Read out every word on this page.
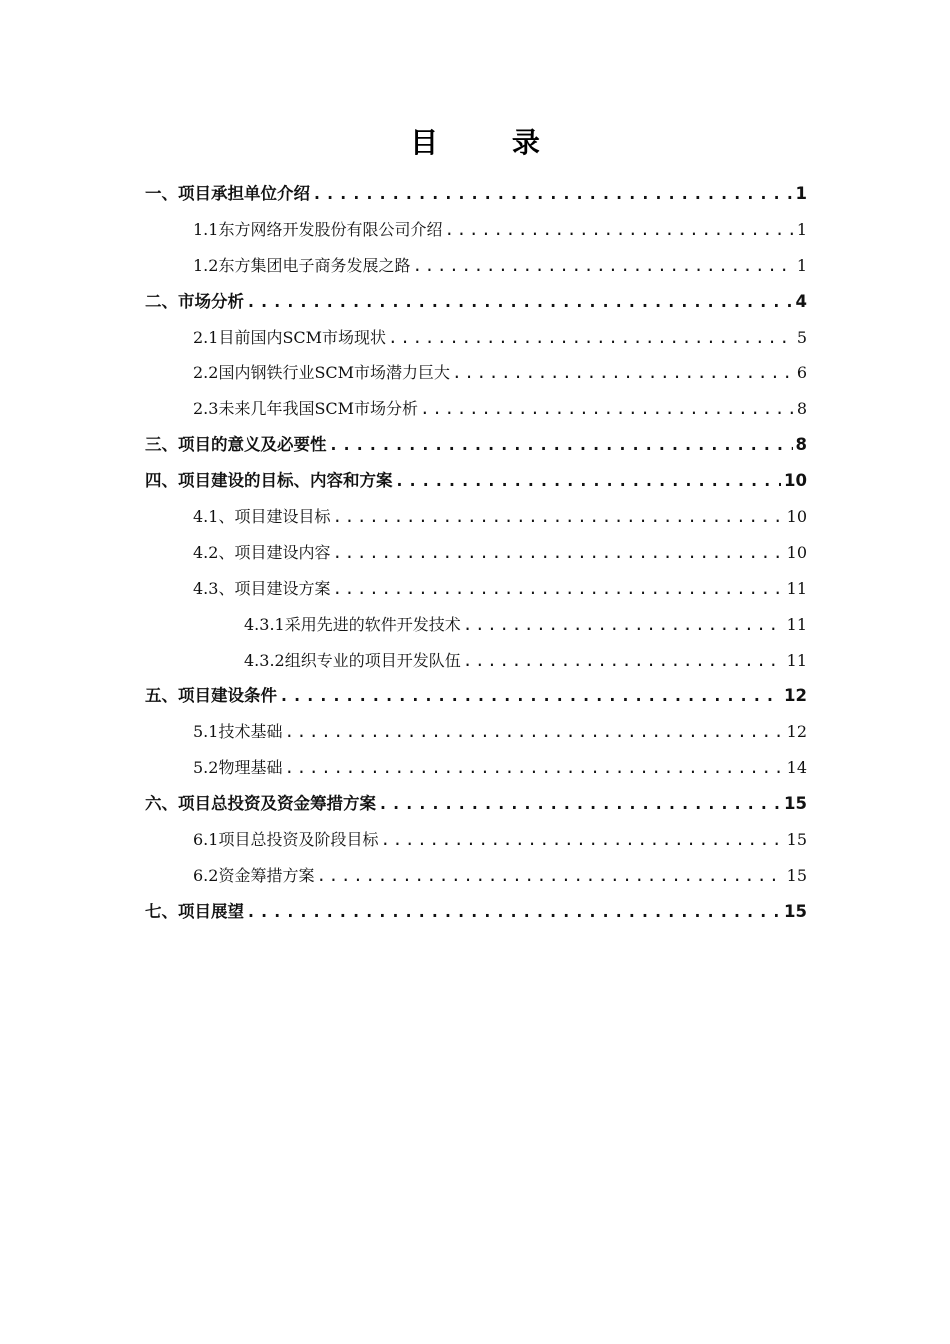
目 录
一、项目承担单位介绍 .....	1
1.1东方网络开发股份有限公司介绍 .....	1
1.2东方集团电子商务发展之路 .....	1
二、市场分析 .....	4
2.1目前国内SCM市场现状 .....	5
2.2国内钢铁行业SCM市场潜力巨大 .....	6
2.3未来几年我国SCM市场分析 .....	8
三、项目的意义及必要性 .....	8
四、项目建设的目标、内容和方案 .....	10
4.1、项目建设目标 .....	10
4.2、项目建设内容 .....	10
4.3、项目建设方案 .....	11
4.3.1采用先进的软件开发技术 .....	11
4.3.2组织专业的项目开发队伍 .....	11
五、项目建设条件 .....	12
5.1技术基础 .....	12
5.2物理基础 .....	14
六、项目总投资及资金筹措方案 .....	15
6.1项目总投资及阶段目标 .....	15
6.2资金筹措方案 .....	15
七、项目展望 .....	15
